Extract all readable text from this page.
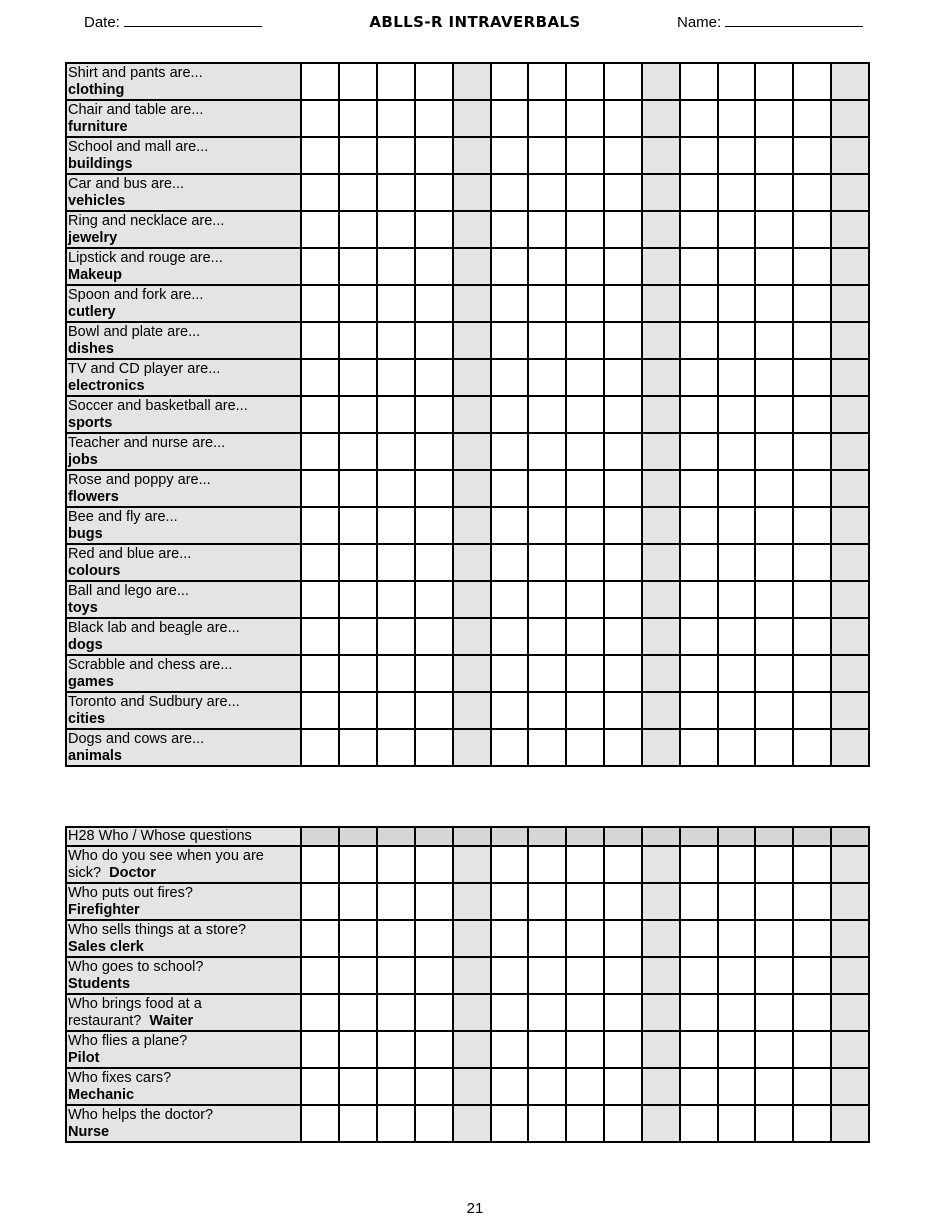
Date:	ABLLS-R INTRAVERBALS	Name:
Shirt and pants are...
clothing															
Chair and table are...
furniture															
School and mall are...
buildings															
Car and bus are...
vehicles															
Ring and necklace are...
jewelry															
Lipstick and rouge are...
Makeup															
Spoon and fork are...
cutlery															
Bowl and plate are...
dishes															
TV and CD player are...
electronics															
Soccer and basketball are...
sports															
Teacher and nurse are...
jobs															
Rose and poppy are...
flowers															
Bee and fly are...
bugs															
Red and blue are...
colours															
Ball and lego are...
toys															
Black lab and beagle are...
dogs															
Scrabble and chess are...
games															
Toronto and Sudbury are...
cities															
Dogs and cows are...
animals															
H28 Who / Whose questions															
Who do you see when you are sick? Doctor															
Who puts out fires?
Firefighter															
Who sells things at a store?
Sales clerk															
Who goes to school?
Students															
Who brings food at a restaurant? Waiter															
Who flies a plane?
Pilot															
Who fixes cars?
Mechanic															
Who helps the doctor?
Nurse															
21
